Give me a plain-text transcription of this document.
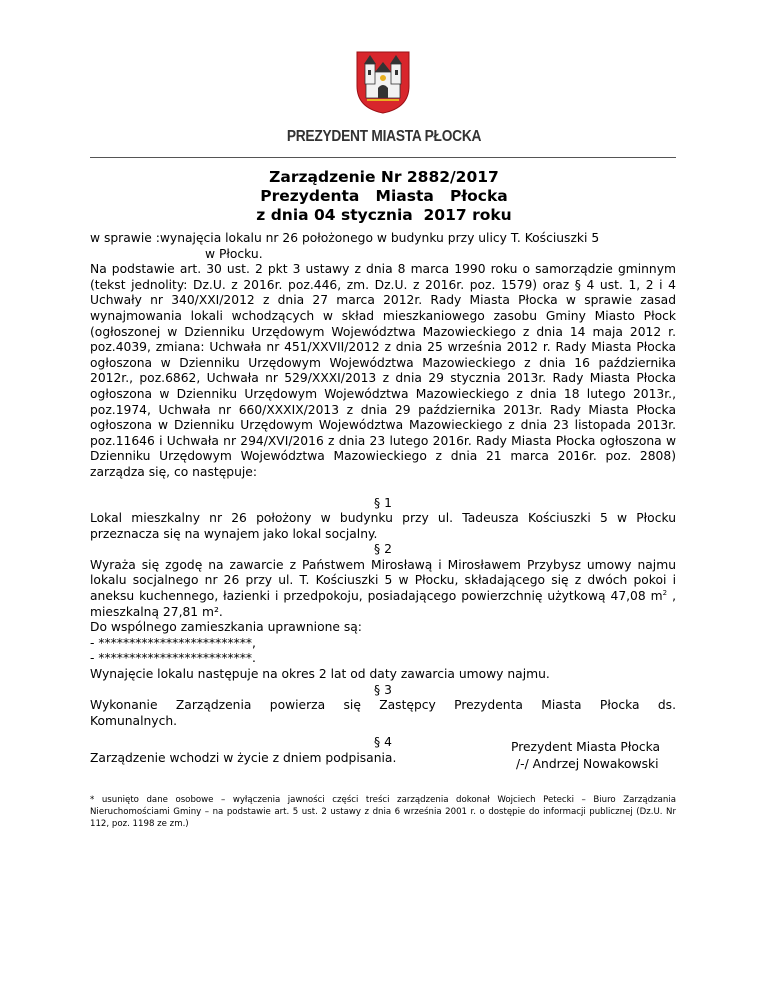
PREZYDENT MIASTA PŁOCKA
Zarządzenie Nr 2882/2017
Prezydenta   Miasta   Płocka
z dnia 04 stycznia  2017 roku
w sprawie :wynajęcia lokalu nr 26 położonego w budynku przy ulicy T. Kościuszki 5
w Płocku.
Na podstawie art. 30 ust. 2 pkt 3 ustawy z dnia 8 marca 1990 roku o samorządzie gminnym (tekst jednolity: Dz.U. z 2016r. poz.446, zm. Dz.U. z 2016r. poz. 1579) oraz § 4 ust. 1, 2 i 4 Uchwały nr 340/XXI/2012 z dnia 27 marca 2012r. Rady Miasta Płocka w sprawie zasad wynajmowania lokali wchodzących w skład mieszkaniowego zasobu Gminy Miasto Płock (ogłoszonej w Dzienniku Urzędowym Województwa Mazowieckiego z dnia 14 maja 2012 r. poz.4039, zmiana: Uchwała nr 451/XXVII/2012 z dnia 25 września 2012 r. Rady Miasta Płocka ogłoszona w Dzienniku Urzędowym Województwa Mazowieckiego z dnia 16 października 2012r., poz.6862, Uchwała nr 529/XXXI/2013 z dnia 29 stycznia 2013r. Rady Miasta Płocka ogłoszona w Dzienniku Urzędowym Województwa Mazowieckiego z dnia 18 lutego 2013r., poz.1974, Uchwała nr 660/XXXIX/2013 z dnia 29 października 2013r. Rady Miasta Płocka ogłoszona w Dzienniku Urzędowym Województwa Mazowieckiego z dnia 23 listopada 2013r. poz.11646 i Uchwała nr 294/XVI/2016 z dnia 23 lutego 2016r. Rady Miasta Płocka ogłoszona w Dzienniku Urzędowym Województwa Mazowieckiego z dnia 21 marca 2016r. poz. 2808) zarządza się, co następuje:
§ 1
Lokal mieszkalny nr 26 położony w budynku przy ul. Tadeusza Kościuszki 5 w Płocku przeznacza się na wynajem jako lokal socjalny.
§ 2
Wyraża się zgodę na zawarcie z Państwem Mirosławą i Mirosławem Przybysz umowy najmu lokalu socjalnego nr 26 przy ul. T. Kościuszki 5 w Płocku, składającego się z dwóch pokoi i aneksu kuchennego, łazienki i przedpokoju, posiadającego powierzchnię użytkową 47,08 $m^2$ , mieszkalną 27,81 m².
Do wspólnego zamieszkania uprawnione są:
- *************************,
- *************************.
Wynajęcie lokalu następuje na okres 2 lat od daty zawarcia umowy najmu.
§ 3
Wykonanie Zarządzenia powierza się Zastępcy Prezydenta Miasta Płocka ds.
Komunalnych.
§ 4
Zarządzenie wchodzi w życie z dniem podpisania.
Prezydent Miasta Płocka
/-/ Andrzej Nowakowski
* usunięto dane osobowe – wyłączenia jawności części treści zarządzenia dokonał Wojciech Petecki – Biuro Zarządzania Nieruchomościami Gminy – na podstawie art. 5 ust. 2 ustawy z dnia 6 września 2001 r. o dostępie do informacji publicznej (Dz.U. Nr 112, poz. 1198 ze zm.)
